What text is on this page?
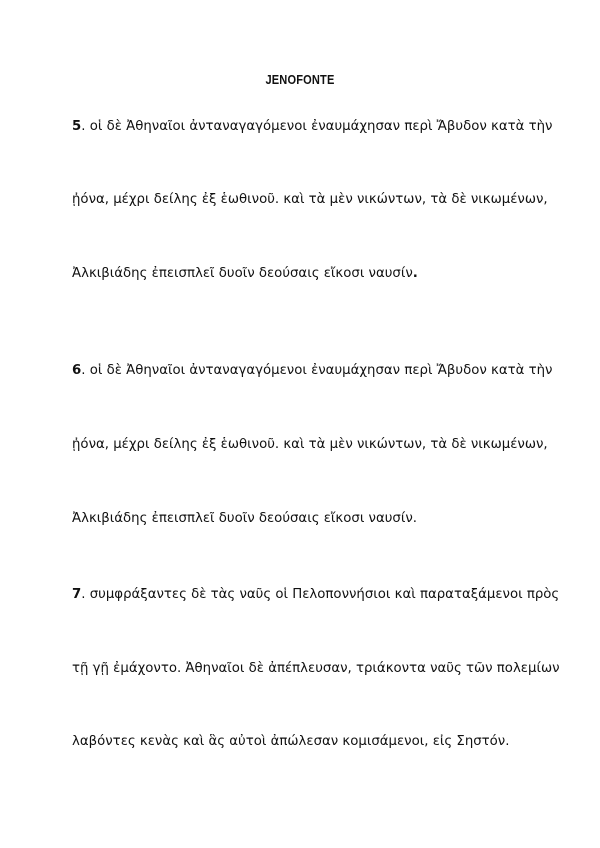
JENOFONTE
5. οἱ δὲ Ἀθηναῖοι ἀνταναγαγόμενοι ἐναυμάχησαν περὶ Ἄβυδον κατὰ τὴν
ᾐόνα, μέχρι δείλης ἐξ ἑωθινοῦ. καὶ τὰ μὲν νικώντων, τὰ δὲ νικωμένων,
Ἀλκιβιάδης ἐπεισπλεῖ δυοῖν δεούσαις εἴκοσι ναυσίν.
6. οἱ δὲ Ἀθηναῖοι ἀνταναγαγόμενοι ἐναυμάχησαν περὶ Ἄβυδον κατὰ τὴν
ᾐόνα, μέχρι δείλης ἐξ ἑωθινοῦ. καὶ τὰ μὲν νικώντων, τὰ δὲ νικωμένων,
Ἀλκιβιάδης ἐπεισπλεῖ δυοῖν δεούσαις εἴκοσι ναυσίν.
7. συμφράξαντες δὲ τὰς ναῦς οἱ Πελοποννήσιοι καὶ παραταξάμενοι πρὸς
τῇ γῇ ἐμάχοντο. Ἀθηναῖοι δὲ ἀπέπλευσαν, τριάκοντα ναῦς τῶν πολεμίων
λαβόντες κενὰς καὶ ἃς αὐτοὶ ἀπώλεσαν κομισάμενοι, εἰς Σηστόν.
